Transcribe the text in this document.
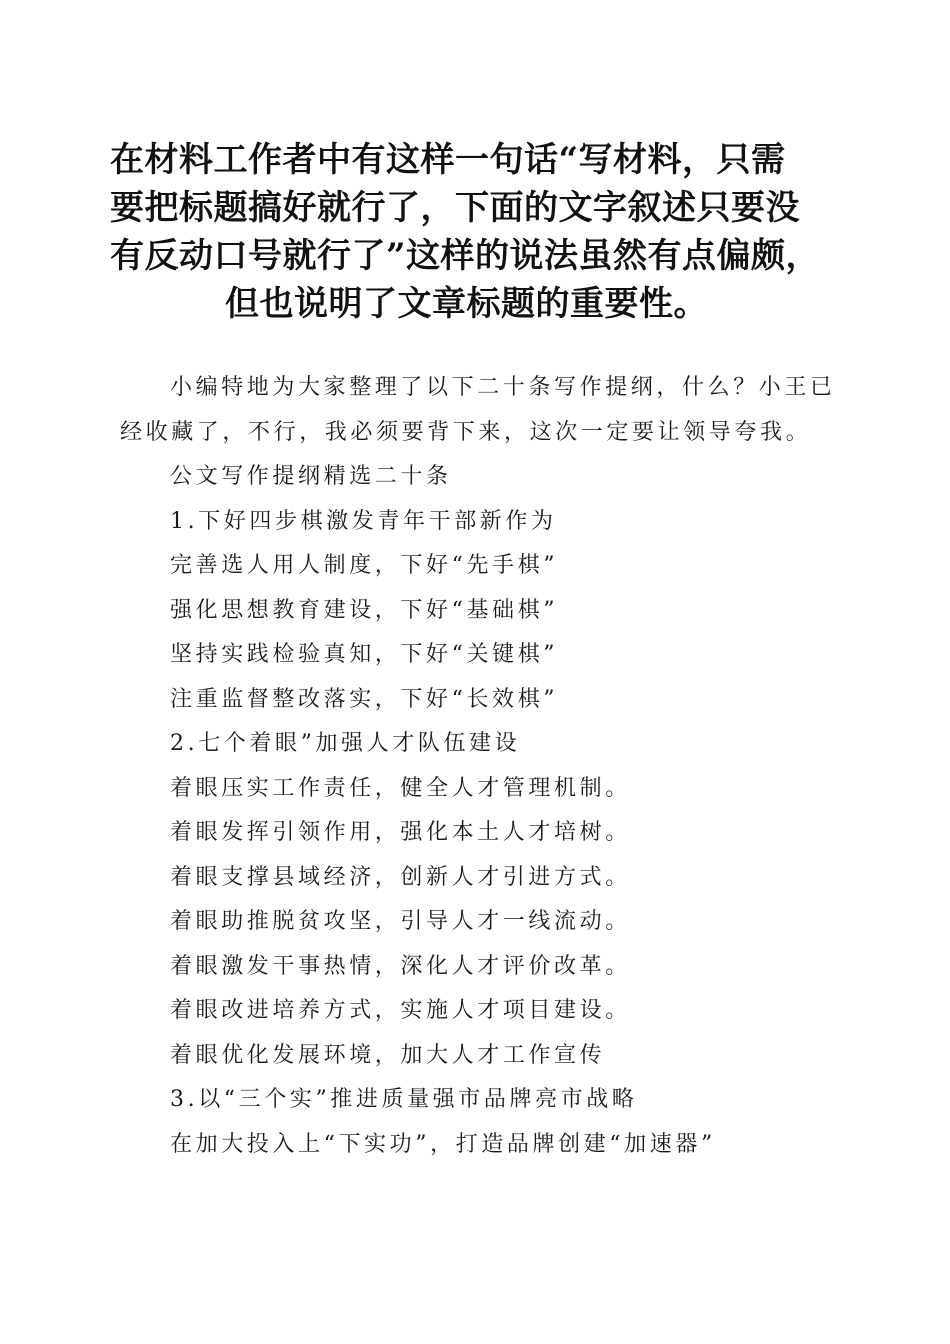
在材料工作者中有这样一句话“写材料，只需
要把标题搞好就行了，下面的文字叙述只要没
有反动口号就行了”这样的说法虽然有点偏颇，
但也说明了文章标题的重要性。

小编特地为大家整理了以下二十条写作提纲，什么？小王已经收藏了，不行，我必须要背下来，这次一定要让领导夸我。

公文写作提纲精选二十条
1.下好四步棋激发青年干部新作为
完善选人用人制度，下好“先手棋”
强化思想教育建设，下好“基础棋”
坚持实践检验真知，下好“关键棋”
注重监督整改落实，下好“长效棋”
2.七个着眼”加强人才队伍建设
着眼压实工作责任，健全人才管理机制。
着眼发挥引领作用，强化本土人才培树。
着眼支撑县域经济，创新人才引进方式。
着眼助推脱贫攻坚，引导人才一线流动。
着眼激发干事热情，深化人才评价改革。
着眼改进培养方式，实施人才项目建设。
着眼优化发展环境，加大人才工作宣传
3.以“三个实”推进质量强市品牌亮市战略
在加大投入上“下实功”，打造品牌创建“加速器”
